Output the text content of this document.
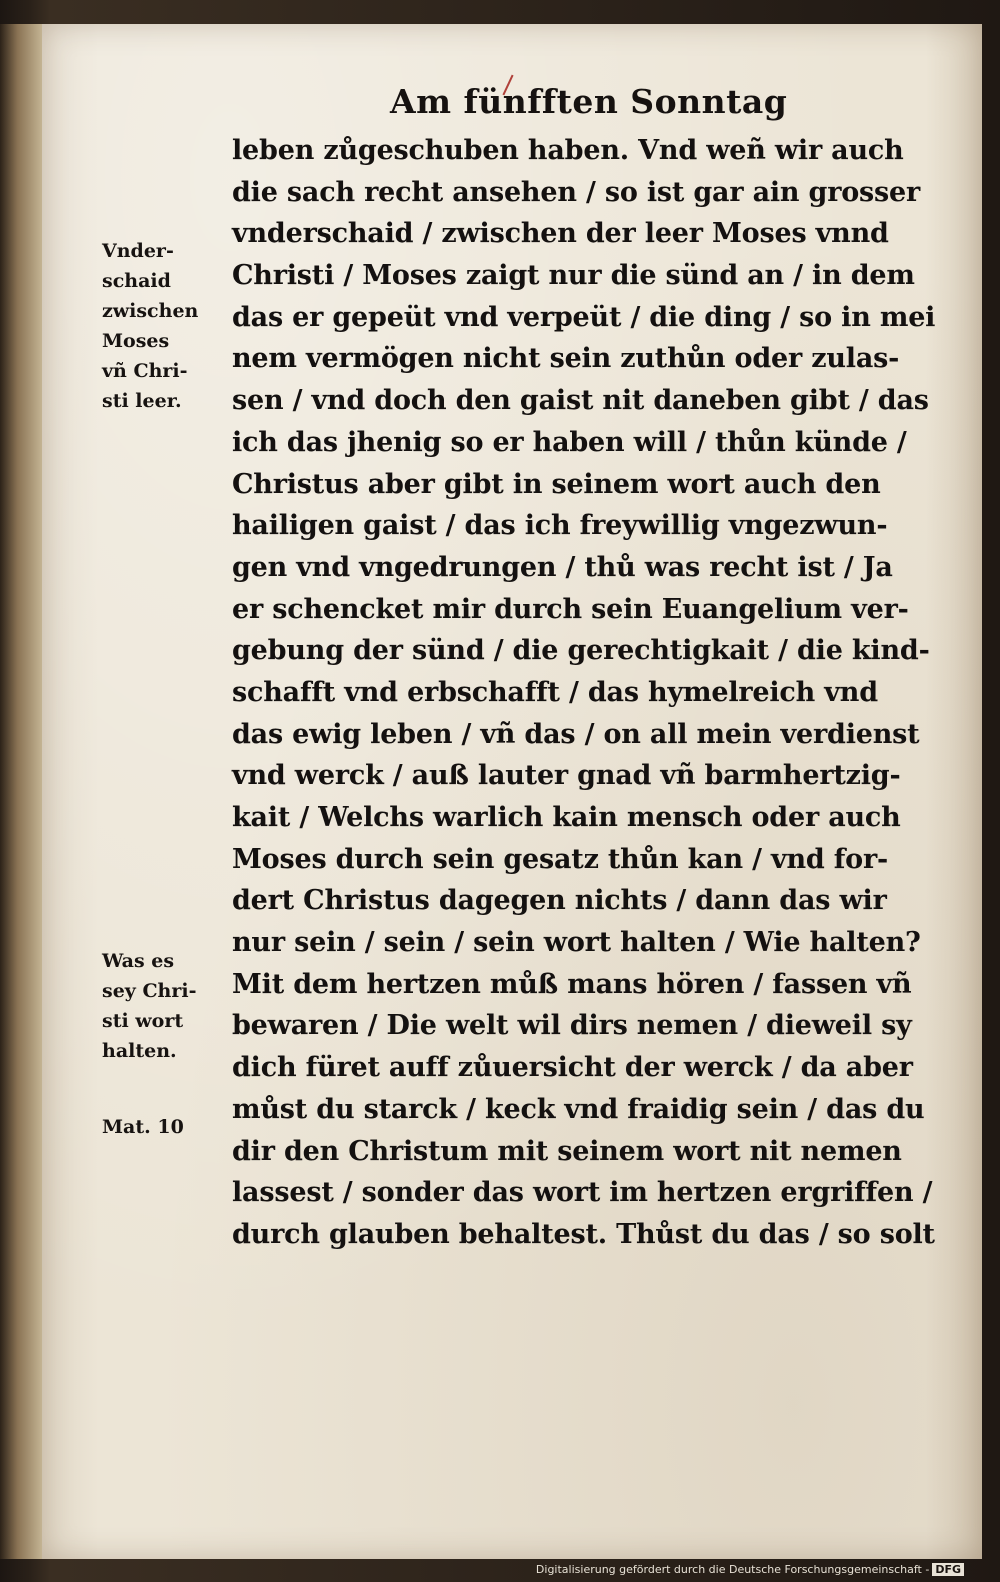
Am fünfften Sonntag
leben zůgeschuben haben. Vnd weñ wir auch
die sach recht ansehen / so ist gar ain grosser
vnderschaid / zwischen der leer Moses vnnd
Christi / Moses zaigt nur die sünd an / in dem
das er gepeüt vnd verpeüt / die ding / so in mei
nem vermögen nicht sein zuthůn oder zulas-
sen / vnd doch den gaist nit daneben gibt / das
ich das jhenig so er haben will / thůn künde /
Christus aber gibt in seinem wort auch den
hailigen gaist / das ich freywillig vngezwun-
gen vnd vngedrungen / thů was recht ist / Ja
er schencket mir durch sein Euangelium ver-
gebung der sünd / die gerechtigkait / die kind-
schafft vnd erbschafft / das hymelreich vnd
das ewig leben / vñ das / on all mein verdienst
vnd werck / auß lauter gnad vñ barmhertzig-
kait / Welchs warlich kain mensch oder auch
Moses durch sein gesatz thůn kan / vnd for-
dert Christus dagegen nichts / dann das wir
nur sein / sein / sein wort halten / Wie halten?
Mit dem hertzen můß mans hören / fassen vñ
bewaren / Die welt wil dirs nemen / dieweil sy
dich füret auff zůuersicht der werck / da aber
můst du starck / keck vnd fraidig sein / das du
dir den Christum mit seinem wort nit nemen
lassest / sonder das wort im hertzen ergriffen /
durch glauben behaltest. Thůst du das / so solt
Vnder-
schaid
zwischen
Moses
vñ Chri-
sti leer.
Was es
sey Chri-
sti wort
halten.
Mat. 10
Digitalisierung gefördert durch die Deutsche Forschungsgemeinschaft - DFG
